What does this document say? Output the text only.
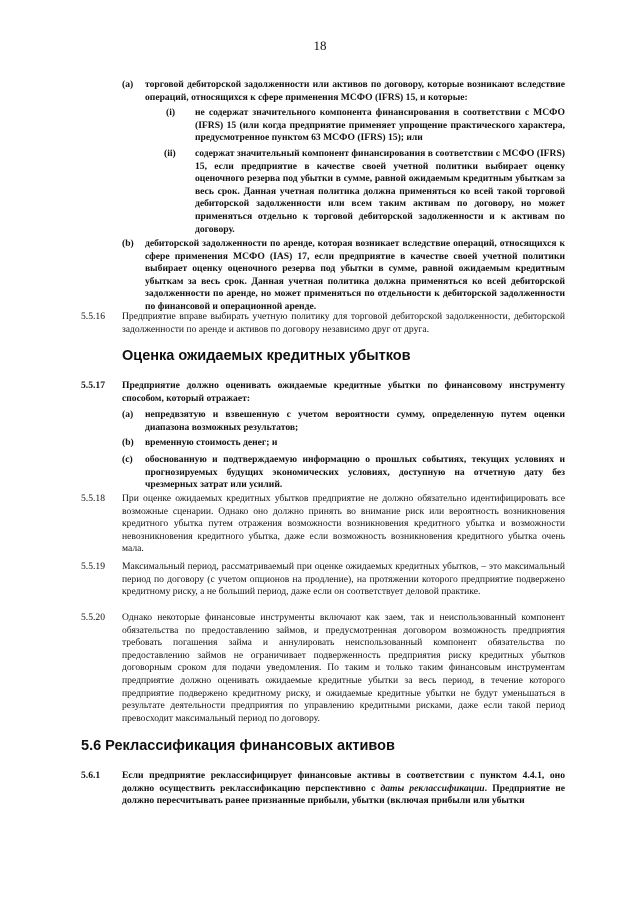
18
(a) торговой дебиторской задолженности или активов по договору, которые возникают вследствие операций, относящихся к сфере применения МСФО (IFRS) 15, и которые:
(i) не содержат значительного компонента финансирования в соответствии с МСФО (IFRS) 15 (или когда предприятие применяет упрощение практического характера, предусмотренное пунктом 63 МСФО (IFRS) 15); или
(ii) содержат значительный компонент финансирования в соответствии с МСФО (IFRS) 15, если предприятие в качестве своей учетной политики выбирает оценку оценочного резерва под убытки в сумме, равной ожидаемым кредитным убыткам за весь срок. Данная учетная политика должна применяться ко всей такой торговой дебиторской задолженности или всем таким активам по договору, но может применяться отдельно к торговой дебиторской задолженности и к активам по договору.
(b) дебиторской задолженности по аренде, которая возникает вследствие операций, относящихся к сфере применения МСФО (IAS) 17, если предприятие в качестве своей учетной политики выбирает оценку оценочного резерва под убытки в сумме, равной ожидаемым кредитным убыткам за весь срок. Данная учетная политика должна применяться ко всей дебиторской задолженности по аренде, но может применяться по отдельности к дебиторской задолженности по финансовой и операционной аренде.
5.5.16 Предприятие вправе выбирать учетную политику для торговой дебиторской задолженности, дебиторской задолженности по аренде и активов по договору независимо друг от друга.
Оценка ожидаемых кредитных убытков
5.5.17 Предприятие должно оценивать ожидаемые кредитные убытки по финансовому инструменту способом, который отражает:
(a) непредвзятую и взвешенную с учетом вероятности сумму, определенную путем оценки диапазона возможных результатов;
(b) временную стоимость денег; и
(c) обоснованную и подтверждаемую информацию о прошлых событиях, текущих условиях и прогнозируемых будущих экономических условиях, доступную на отчетную дату без чрезмерных затрат или усилий.
5.5.18 При оценке ожидаемых кредитных убытков предприятие не должно обязательно идентифицировать все возможные сценарии. Однако оно должно принять во внимание риск или вероятность возникновения кредитного убытка путем отражения возможности возникновения кредитного убытка и возможности невозникновения кредитного убытка, даже если возможность возникновения кредитного убытка очень мала.
5.5.19 Максимальный период, рассматриваемый при оценке ожидаемых кредитных убытков, – это максимальный период по договору (с учетом опционов на продление), на протяжении которого предприятие подвержено кредитному риску, а не больший период, даже если он соответствует деловой практике.
5.5.20 Однако некоторые финансовые инструменты включают как заем, так и неиспользованный компонент обязательства по предоставлению займов, и предусмотренная договором возможность предприятия требовать погашения займа и аннулировать неиспользованный компонент обязательства по предоставлению займов не ограничивает подверженность предприятия риску кредитных убытков договорным сроком для подачи уведомления. По таким и только таким финансовым инструментам предприятие должно оценивать ожидаемые кредитные убытки за весь период, в течение которого предприятие подвержено кредитному риску, и ожидаемые кредитные убытки не будут уменьшаться в результате деятельности предприятия по управлению кредитными рисками, даже если такой период превосходит максимальный период по договору.
5.6 Реклассификация финансовых активов
5.6.1 Если предприятие реклассифицирует финансовые активы в соответствии с пунктом 4.4.1, оно должно осуществить реклассификацию перспективно с даты реклассификации. Предприятие не должно пересчитывать ранее признанные прибыли, убытки (включая прибыли или убытки
